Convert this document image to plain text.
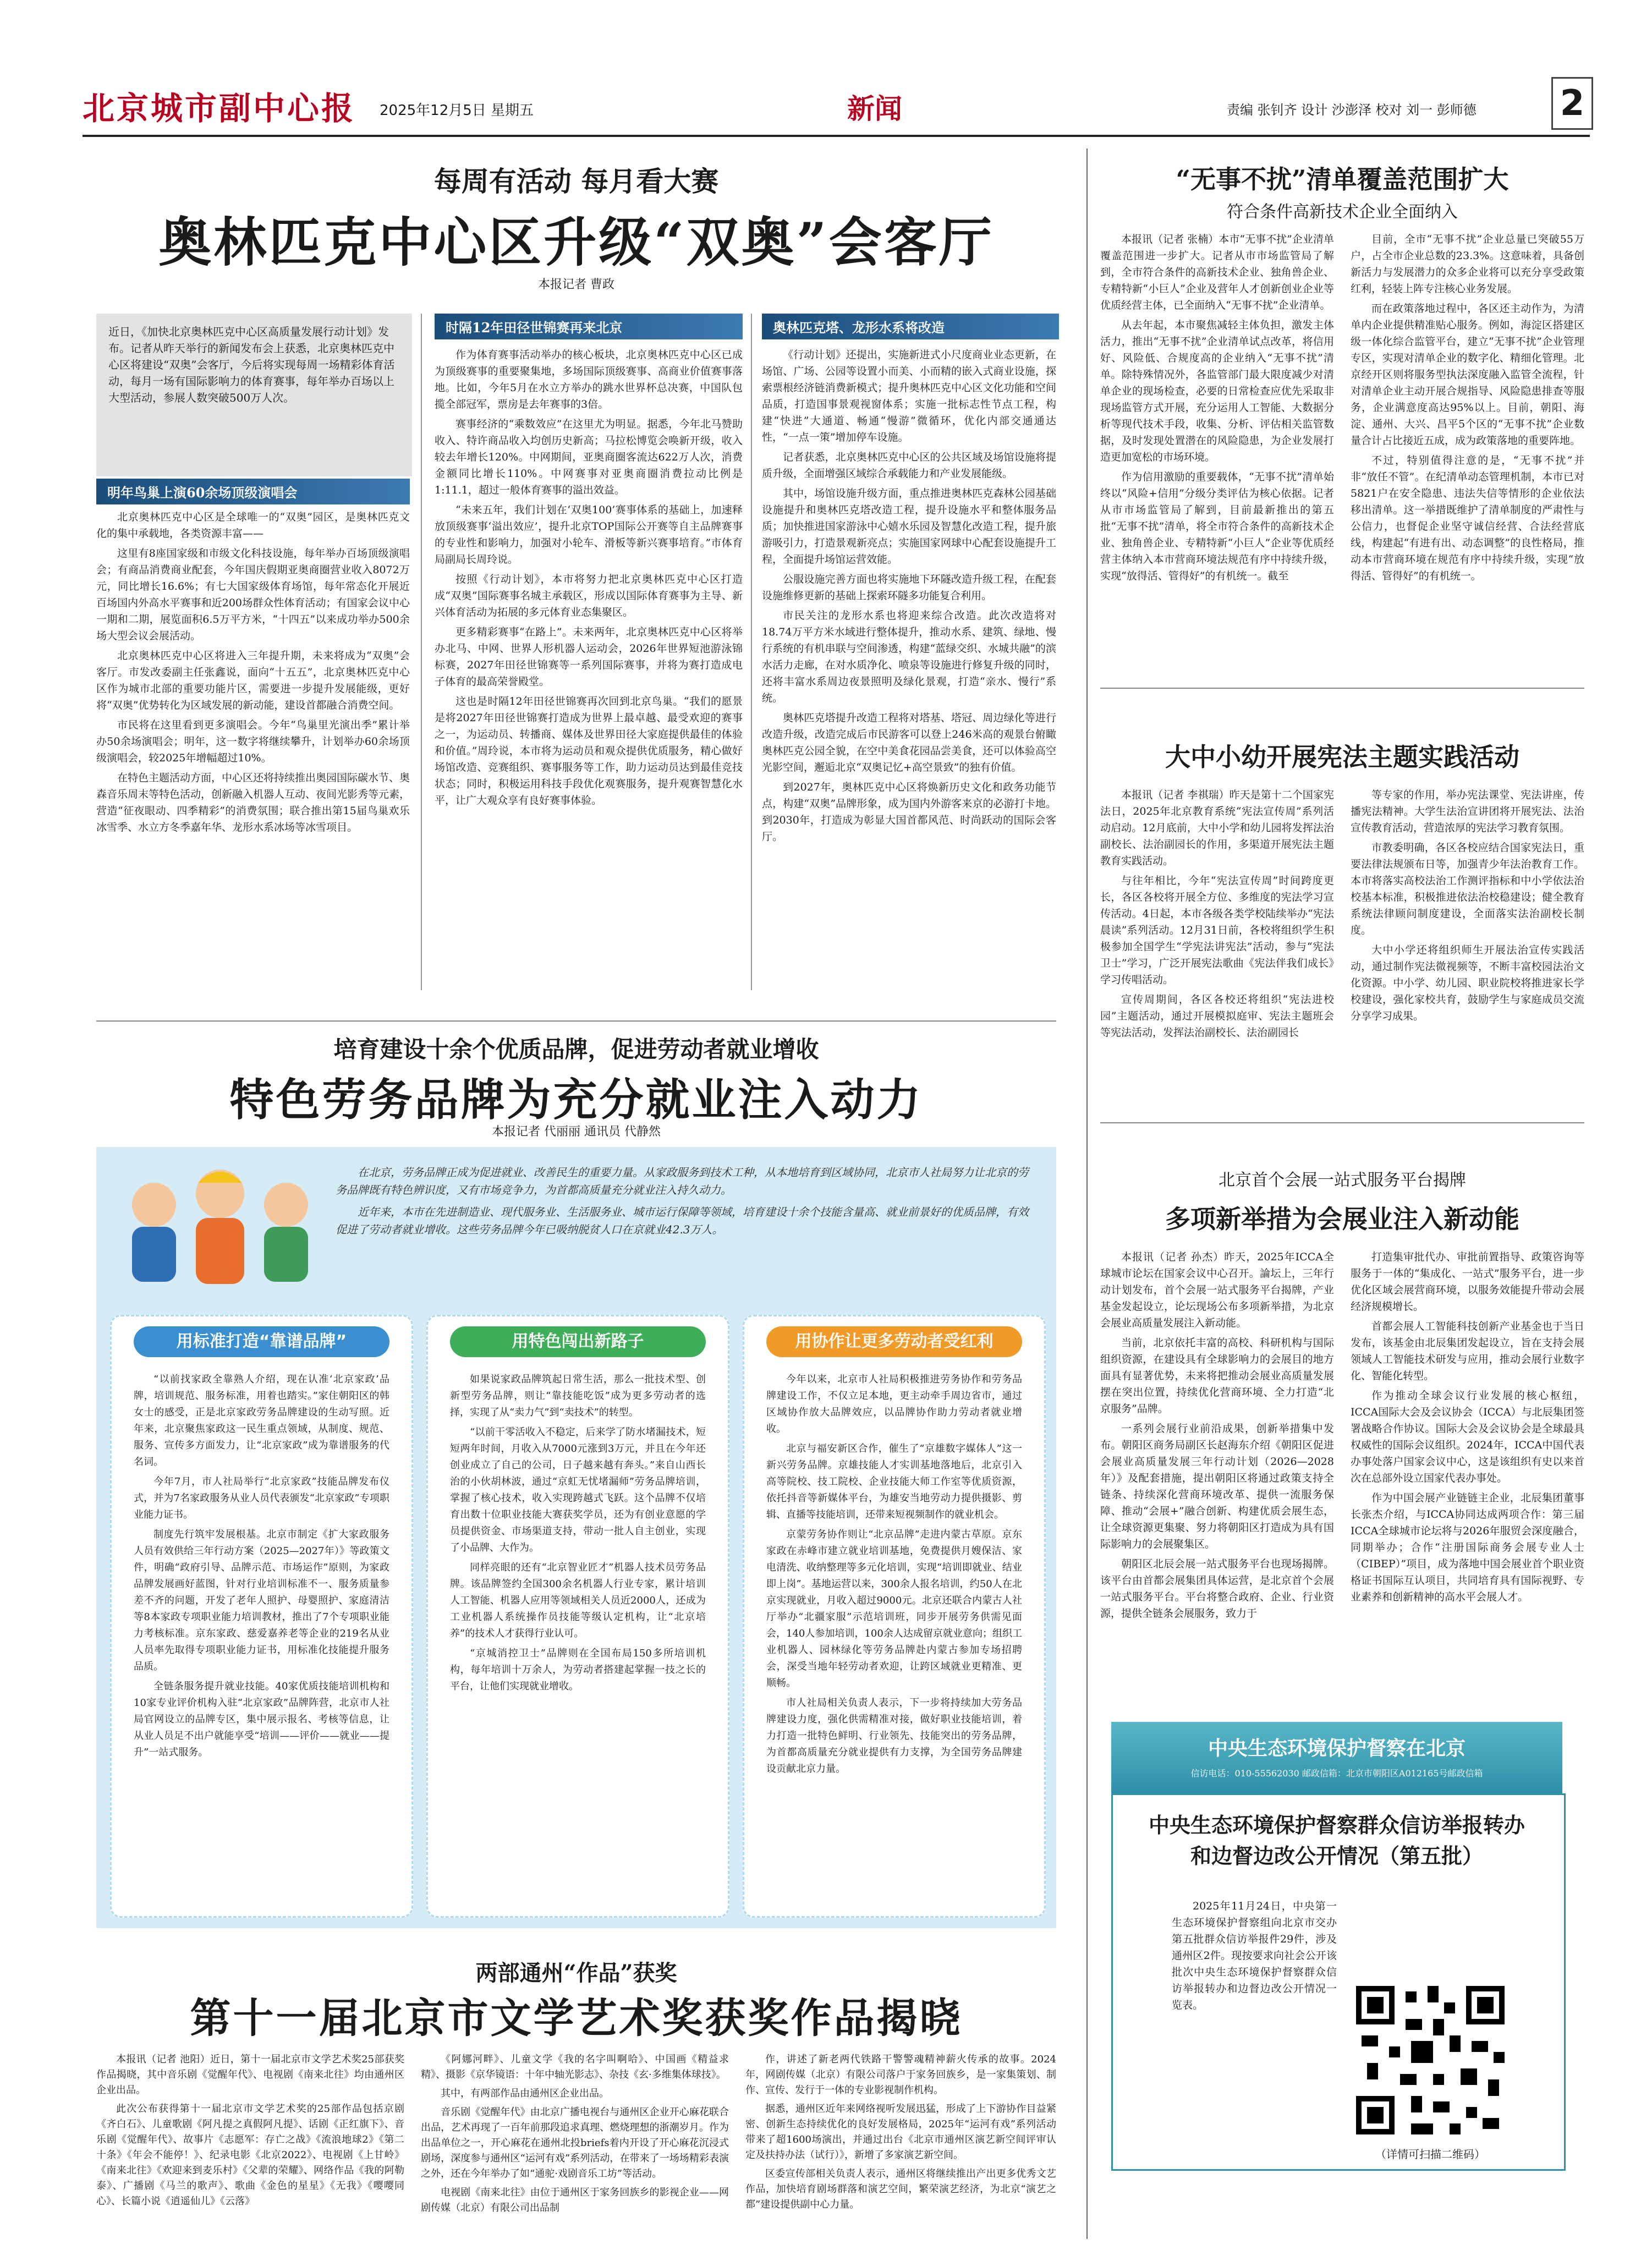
北京城市副中心报 2025年12月5日 星期五	新闻	责编 张钊齐 设计 沙澎泽 校对 刘一 彭师德 2
每周有活动 每月看大赛
奥林匹克中心区升级“双奥”会客厅
本报记者 曹政
近日，《加快北京奥林匹克中心区高质量发展行动计划》发布。记者从昨天举行的新闻发布会上获悉，北京奥林匹克中心区将建设“双奥”会客厅，今后将实现每周一场精彩体育活动，每月一场有国际影响力的体育赛事，每年举办百场以上大型活动，参展人数突破500万人次。
明年鸟巢上演60余场顶级演唱会

北京奥林匹克中心区是全球唯一的“双奥”园区，是奥林匹克文化的集中承载地，各类资源丰富——

这里有8座国家级和市级文化科技设施，每年举办百场顶级演唱会；有商品消费商业配套，今年国庆假期亚奥商圈营业收入8072万元，同比增长16.6%；有七大国家级体育场馆，每年常态化开展近百场国内外高水平赛事和近200场群众性体育活动；有国家会议中心一期和二期，展览面积6.5万平方米，“十四五”以来成功举办500余场大型会议会展活动。

北京奥林匹克中心区将进入三年提升期，未来将成为“双奥”会客厅。市发改委副主任张鑫说，面向“十五五”，北京奥林匹克中心区作为城市北部的重要功能片区，需要进一步提升发展能级，更好将“双奥”优势转化为区域发展的新动能，建设首都融合消费空间。

市民将在这里看到更多演唱会。今年“鸟巢里光演出季”累计举办50余场演唱会；明年，这一数字将继续攀升，计划举办60余场顶级演唱会，较2025年增幅超过10%。

在特色主题活动方面，中心区还将持续推出奥园国际碳水节、奥森音乐周末等特色活动，创新融入机器人互动、夜间光影秀等元素，营造“征夜眼动、四季精彩”的消费氛围；联合推出第15届鸟巢欢乐冰雪季、水立方冬季嘉年华、龙形水系冰场等冰雪项目。

时隔12年田径世锦赛再来北京

作为体育赛事活动举办的核心板块，北京奥林匹克中心区已成为顶级赛事的重要聚集地，多场国际顶级赛事、高商业价值赛事落地。比如，今年5月在水立方举办的跳水世界杯总决赛，中国队包揽全部冠军，票房是去年赛事的3倍。

赛事经济的“乘数效应”在这里尤为明显。据悉，今年北马赞助收入、特许商品收入均创历史新高；马拉松博览会唤新开级，收入较去年增长120%。中网期间，亚奥商圈客流达622万人次，消费金额同比增长110%。中网赛事对亚奥商圈消费拉动比例是1:11.1，超过一般体育赛事的溢出效益。

“未来五年，我们计划在‘双奥100’赛事体系的基础上，加速释放顶级赛事‘溢出效应’，提升北京TOP国际公开赛等自主品牌赛事的专业性和影响力，加强对小轮车、滑板等新兴赛事培育。”市体育局副局长周玲说。

按照《行动计划》，本市将努力把北京奥林匹克中心区打造成“双奥”国际赛事名城主承载区，形成以国际体育赛事为主导、新兴体育活动为拓展的多元体育业态集聚区。

更多精彩赛事“在路上”。未来两年，北京奥林匹克中心区将举办北马、中网、世界人形机器人运动会，2026年世界短池游泳锦标赛，2027年田径世锦赛等一系列国际赛事，并将为赛打造成电子体育的最高荣誉殿堂。

这也是时隔12年田径世锦赛再次回到北京鸟巢。“我们的愿景是将2027年田径世锦赛打造成为世界上最卓越、最受欢迎的赛事之一，为运动员、转播商、媒体及世界田径大家庭提供最佳的体验和价值。”周玲说，本市将为运动员和观众提供优质服务，精心做好场馆改造、竞赛组织、赛事服务等工作，助力运动员达到最佳竞技状态；同时，积极运用科技手段优化观赛服务，提升观赛智慧化水平，让广大观众享有良好赛事体验。

奥林匹克塔、龙形水系将改造

《行动计划》还提出，实施新进式小尺度商业业态更新，在场馆、广场、公园等设置小而美、小而精的嵌入式商业设施，探索票根经济链消费新模式；提升奥林匹克中心区文化功能和空间品质，打造国事景观视窗体系；实施一批标志性节点工程，构建“快进”大通道、畅通“慢游”微循环，优化内部交通通达性，“一点一策”增加停车设施。

记者获悉，北京奥林匹克中心区的公共区域及场馆设施将提质升级，全面增强区域综合承载能力和产业发展能级。

其中，场馆设施升级方面，重点推进奥林匹克森林公园基础设施提升和奥林匹克塔改造工程，提升设施水平和整体服务品质；加快推进国家游泳中心嬉水乐园及智慧化改造工程，提升旅游吸引力，打造景观新亮点；实施国家网球中心配套设施提升工程，全面提升场馆运营效能。

公服设施完善方面也将实施地下环隧改造升级工程，在配套设施维修更新的基础上探索环隧多功能复合利用。

市民关注的龙形水系也将迎来综合改造。此次改造将对18.74万平方米水域进行整体提升，推动水系、建筑、绿地、慢行系统的有机串联与空间渗透，构建“蓝绿交织、水城共融”的滨水活力走廊，在对水质净化、喷泉等设施进行修复升级的同时，还将丰富水系周边夜景照明及绿化景观，打造“亲水、慢行”系统。

奥林匹克塔提升改造工程将对塔基、塔冠、周边绿化等进行改造升级，改造完成后市民游客可以登上246米高的观景台俯瞰奥林匹克公园全貌，在空中美食花园品尝美食，还可以体验高空光影空间，邂逅北京“双奥记忆+高空景致”的独有价值。

到2027年，奥林匹克中心区将焕新历史文化和政务功能节点，构建“双奥”品牌形象，成为国内外游客来京的必游打卡地。到2030年，打造成为彰显大国首都风范、时尚跃动的国际会客厅。

培育建设十余个优质品牌，促进劳动者就业增收
特色劳务品牌为充分就业注入动力
本报记者 代丽丽 通讯员 代静然
在北京，劳务品牌正成为促进就业、改善民生的重要力量。从家政服务到技术工种，从本地培育到区域协同，北京市人社局努力让北京的劳务品牌既有特色辨识度，又有市场竞争力，为首都高质量充分就业注入持久动力。
近年来，本市在先进制造业、现代服务业、生活服务业、城市运行保障等领域，培育建设十余个技能含量高、就业前景好的优质品牌，有效促进了劳动者就业增收。这些劳务品牌今年已吸纳脱贫人口在京就业42.3万人。
用标准打造“靠谱品牌”

“以前找家政全靠熟人介绍，现在认准‘北京家政’品牌，培训规范、服务标准，用着也踏实。”家住朝阳区的韩女士的感受，正是北京家政劳务品牌建设的生动写照。近年来，北京聚焦家政这一民生重点领域，从制度、规范、服务、宣传多方面发力，让“北京家政”成为靠谱服务的代名词。

今年7月，市人社局举行“北京家政”技能品牌发布仪式，并为7名家政服务从业人员代表颁发“北京家政”专项职业能力证书。

制度先行筑牢发展根基。北京市制定《扩大家政服务人员有效供给三年行动方案（2025—2027年）》等政策文件，明确“政府引导、品牌示范、市场运作”原则，为家政品牌发展画好蓝图，针对行业培训标准不一、服务质量参差不齐的问题，开发了老年人照护、母婴照护、家庭清洁等8本家政专项职业能力培训教材，推出了7个专项职业能力考核标准。京东家政、慈爱嘉养老等企业的219名从业人员率先取得专项职业能力证书，用标准化技能提升服务品质。

全链条服务提升就业技能。40家优质技能培训机构和10家专业评价机构入驻“北京家政”品牌阵营，北京市人社局官网设立的品牌专区，集中展示报名、考核等信息，让从业人员足不出户就能享受“培训——评价——就业——提升”一站式服务。

用特色闯出新路子

如果说家政品牌筑起日常生活，那么一批技术型、创新型劳务品牌，则让“靠技能吃饭”成为更多劳动者的选择，实现了从“卖力气”到“卖技术”的转型。

“以前干零活收入不稳定，后来学了防水堵漏技术，短短两年时间，月收入从7000元涨到3万元，并且在今年还创业成立了自己的公司，日子越来越有奔头。”来自山西长治的小伙胡林波，通过“京虹无忧堵漏师”劳务品牌培训，掌握了核心技术，收入实现跨越式飞跃。这个品牌不仅培育出数十位职业技能大赛获奖学员，还为有创业意愿的学员提供资金、市场渠道支持，带动一批人自主创业，实现了小品牌、大作为。

同样亮眼的还有“北京智业匠才”机器人技术员劳务品牌。该品牌签约全国300余名机器人行业专家，累计培训人工智能、机器人应用等领域相关人员近2000人，还成为工业机器人系统操作员技能等级认定机构，让“北京培养”的技术人才获得行业认可。

“京城消控卫士”品牌则在全国布局150多所培训机构，每年培训十万余人，为劳动者搭建起掌握一技之长的平台，让他们实现就业增收。

用协作让更多劳动者受红利

今年以来，北京市人社局积极推进劳务协作和劳务品牌建设工作，不仅立足本地，更主动牵手周边省市，通过区域协作放大品牌效应，以品牌协作助力劳动者就业增收。

北京与福安新区合作，催生了“京雄数字媒体人”这一新兴劳务品牌。京雄技能人才实训基地落地后，北京引入高等院校、技工院校、企业技能大师工作室等优质资源，依托抖音等新媒体平台，为雄安当地劳动力提供摄影、剪辑、直播等技能培训，还带来短视频制作的就业机会。

京蒙劳务协作则让“北京品牌”走进内蒙古草原。京东家政在赤峰市建立就业培训基地，免费提供月嫂保洁、家电清洗、收纳整理等多元化培训，实现“培训即就业、结业即上岗”。基地运营以来，300余人报名培训，约50人在北京实现就业，月收入超过9000元。北京还联合内蒙古人社厅举办“北疆家服”示范培训班，同步开展劳务供需见面会，140人参加培训，100余人达成留京就业意向；组织工业机器人、园林绿化等劳务品牌赴内蒙古参加专场招聘会，深受当地年轻劳动者欢迎，让跨区域就业更精准、更顺畅。

市人社局相关负责人表示，下一步将持续加大劳务品牌建设力度，强化供需精准对接，做好职业技能培训，着力打造一批特色鲜明、行业领先、技能突出的劳务品牌，为首都高质量充分就业提供有力支撑，为全国劳务品牌建设贡献北京力量。

两部通州“作品”获奖
第十一届北京市文学艺术奖获奖作品揭晓

本报讯（记者 池阳）近日，第十一届北京市文学艺术奖25部获奖作品揭晓，其中音乐剧《觉醒年代》、电视剧《南来北往》均由通州区企业出品。

此次公布获得第十一届北京市文学艺术奖的25部作品包括京剧《齐白石》、儿童歌剧《阿凡提之真假阿凡提》、话剧《正红旗下》、音乐剧《觉醒年代》、故事片《志愿军：存亡之战》《流浪地球2》《第二十条》《年会不能停！》、纪录电影《北京2022》、电视剧《上甘岭》《南来北往》《欢迎来到麦乐村》《父辈的荣耀》、网络作品《我的阿勒泰》、广播剧《马兰的歌声》、歌曲《金色的星星》《无我》《嘤嘤同心》、长篇小说《逍遥仙儿》《云落》

《阿娜河畔》、儿童文学《我的名字叫啊哈》、中国画《精益求精》、摄影《京华镜语：十年中轴光影志》、杂技《玄·多维集体球技》。

其中，有两部作品由通州区企业出品。

音乐剧《觉醒年代》由北京广播电视台与通州区企业开心麻花联合出品，艺术再现了一百年前那段追求真理、燃烧理想的浙潮岁月。作为出品单位之一，开心麻花在通州北投briefs着内开设了开心麻花沉浸式剧场，深度参与通州区“运河有戏”系列活动，在带来了一场场精彩表演之外，还在今年举办了如“通驼·戏剧音乐工坊”等活动。

电视剧《南来北往》由位于通州区于家务回族乡的影视企业——网剧传媒（北京）有限公司出品制

作，讲述了新老两代铁路干警警魂精神薪火传承的故事。2024年，网剧传媒（北京）有限公司落户于家务回族乡，是一家集策划、制作、宣传、发行于一体的专业影视制作机构。

据悉，通州区近年来网络视听发展迅猛，形成了上下游协作目益紧密、创新生态持续优化的良好发展格局，2025年“运河有戏”系列活动带来了超1600场演出，并通过出台《北京市通州区演艺新空间评审认定及扶持办法（试行）》，新增了多家演艺新空间。

区委宣传部相关负责人表示，通州区将继续推出产出更多优秀文艺作品，加快培育剧场群落和演艺空间，繁荣演艺经济，为北京“演艺之都”建设提供副中心力量。

“无事不扰”清单覆盖范围扩大
符合条件高新技术企业全面纳入

本报讯（记者 张楠）本市“无事不扰”企业清单覆盖范围进一步扩大。记者从市市场监管局了解到，全市符合条件的高新技术企业、独角兽企业、专精特新“小巨人”企业及营年人才创新创业企业等优质经营主体，已全面纳入“无事不扰”企业清单。

从去年起，本市聚焦减轻主体负担，激发主体活力，推出“无事不扰”企业清单试点改革，将信用好、风险低、合规度高的企业纳入“无事不扰”清单。除特殊情况外，各监管部门最大限度减少对清单企业的现场检查，必要的日常检查应优先采取非现场监管方式开展，充分运用人工智能、大数据分析等现代技术手段，收集、分析、评估相关监管数据，及时发现处置潜在的风险隐患，为企业发展打造更加宽松的市场环境。

作为信用激励的重要载体，“无事不扰”清单始终以“风险+信用”分级分类评估为核心依据。记者从市市场监管局了解到，目前最新推出的第五批“无事不扰”清单，将全市符合条件的高新技术企业、独角兽企业、专精特新“小巨人”企业等优质经营主体纳入本市营商环境法规范有序中持续升级，实现“放得活、管得好”的有机统一。截至

目前，全市“无事不扰”企业总量已突破55万户，占全市企业总数的23.3%。这意味着，具备创新活力与发展潜力的众多企业将可以充分享受政策红利，轻装上阵专注核心业务发展。

而在政策落地过程中，各区还主动作为，为清单内企业提供精准贴心服务。例如，海淀区搭建区级一体化综合监管平台，建立“无事不扰”企业管理专区，实现对清单企业的数字化、精细化管理。北京经开区则将服务型执法深度融入监管全流程，针对清单企业主动开展合规指导、风险隐患排查等服务，企业满意度高达95%以上。目前，朝阳、海淀、通州、大兴、昌平5个区的“无事不扰”企业数量合计占比接近五成，成为政策落地的重要阵地。

不过，特别值得注意的是，“无事不扰”并非“放任不管”。在纪清单动态管理机制，本市已对5821户在安全隐患、违法失信等情形的企业依法移出清单。这一举措既维护了清单制度的严肃性与公信力，也督促企业坚守诚信经营、合法经营底线，构建起“有进有出、动态调整”的良性格局，推动本市营商环境在规范有序中持续升级，实现“放得活、管得好”的有机统一。

大中小幼开展宪法主题实践活动

本报讯（记者 李祺瑞）昨天是第十二个国家宪法日，2025年北京教育系统“宪法宣传周”系列活动启动。12月底前，大中小学和幼儿园将发挥法治副校长、法治副园长的作用，多渠道开展宪法主题教育实践活动。

与往年相比，今年“宪法宣传周”时间跨度更长，各区各校将开展全方位、多维度的宪法学习宣传活动。4日起，本市各级各类学校陆续举办“宪法晨读”系列活动。12月31日前，各校将组织学生积极参加全国学生“学宪法讲宪法”活动，参与“宪法卫士”学习，广泛开展宪法歌曲《宪法伴我们成长》学习传唱活动。

宣传周期间，各区各校还将组织“宪法进校园”主题活动，通过开展模拟庭审、宪法主题班会等宪法活动，发挥法治副校长、法治副园长

等专家的作用，举办宪法课堂、宪法讲座，传播宪法精神。大学生法治宣讲团将开展宪法、法治宣传教育活动，营造浓厚的宪法学习教育氛围。

市教委明确，各区各校应结合国家宪法日，重要法律法规颁布日等，加强青少年法治教育工作。本市将落实高校法治工作测评指标和中小学依法治校基本标准，积极推进依法治校稳建设；健全教育系统法律顾问制度建设，全面落实法治副校长制度。

大中小学还将组织师生开展法治宣传实践活动，通过制作宪法微视频等，不断丰富校园法治文化资源。中小学、幼儿园、职业院校将推进家长学校建设，强化家校共育，鼓励学生与家庭成员交流分享学习成果。

北京首个会展一站式服务平台揭牌
多项新举措为会展业注入新动能

本报讯（记者 孙杰）昨天，2025年ICCA全球城市论坛在国家会议中心召开。論坛上，三年行动计划发布，首个会展一站式服务平台揭牌，产业基金发起设立，论坛现场公布多项新举措，为北京会展业高质量发展注入新动能。

当前，北京依托丰富的高校、科研机构与国际组织资源，在建设具有全球影响力的会展目的地方面具有显著优势，未来将把推动会展业高质量发展摆在突出位置，持续优化营商环境、全力打造“北京服务”品牌。

一系列会展行业前沿成果，创新举措集中发布。朝阳区商务局副区长赵海东介绍《朝阳区促进会展业高质量发展三年行动计划（2026—2028年）》及配套措施，提出朝阳区将通过政策支持全链条、持续深化营商环境改革、提供一流服务保障、推动“会展+”融合创新、构建优质会展生态，让全球资源更集聚、努力将朝阳区打造成为具有国际影响力的会展聚集区。

朝阳区北辰会展一站式服务平台也现场揭牌。该平台由首都会展集团具体运营，是北京首个会展一站式服务平台。平台将整合政府、企业、行业资源，提供全链条会展服务，致力于

打造集审批代办、审批前置指导、政策咨询等服务于一体的“集成化、一站式”服务平台，进一步优化区域会展营商环境，以服务效能提升带动会展经济规模增长。

首都会展人工智能科技创新产业基金也于当日发布，该基金由北辰集团发起设立，旨在支持会展领域人工智能技术研发与应用，推动会展行业数字化、智能化转型。

作为推动全球会议行业发展的核心枢纽，ICCA国际大会及会议协会（ICCA）与北辰集团签署战略合作协议。国际大会及会议协会是全球最具权威性的国际会议组织。2024年，ICCA中国代表办事处落户国家会议中心，这是该组织有史以来首次在总部外设立国家代表办事处。

作为中国会展产业链链主企业，北辰集团董事长张杰介绍，与ICCA协同达成两项合作：第三届ICCA全球城市论坛将与2026年服贸会深度融合，同期举办；合作“注册国际商务会展专业人士（CIBEP）”项目，成为落地中国会展业首个职业资格证书国际互认项目，共同培育具有国际视野、专业素养和创新精神的高水平会展人才。

中央生态环境保护督察在北京
信访电话：010-55562030 邮政信箱：北京市朝阳区A012165号邮政信箱
中央生态环境保护督察群众信访举报转办和边督边改公开情况（第五批）
2025年11月24日，中央第一生态环境保护督察组向北京市交办第五批群众信访举报件29件，涉及通州区2件。现按要求向社会公开该批次中央生态环境保护督察群众信访举报转办和边督边改公开情况一览表。
（详情可扫描二维码）
